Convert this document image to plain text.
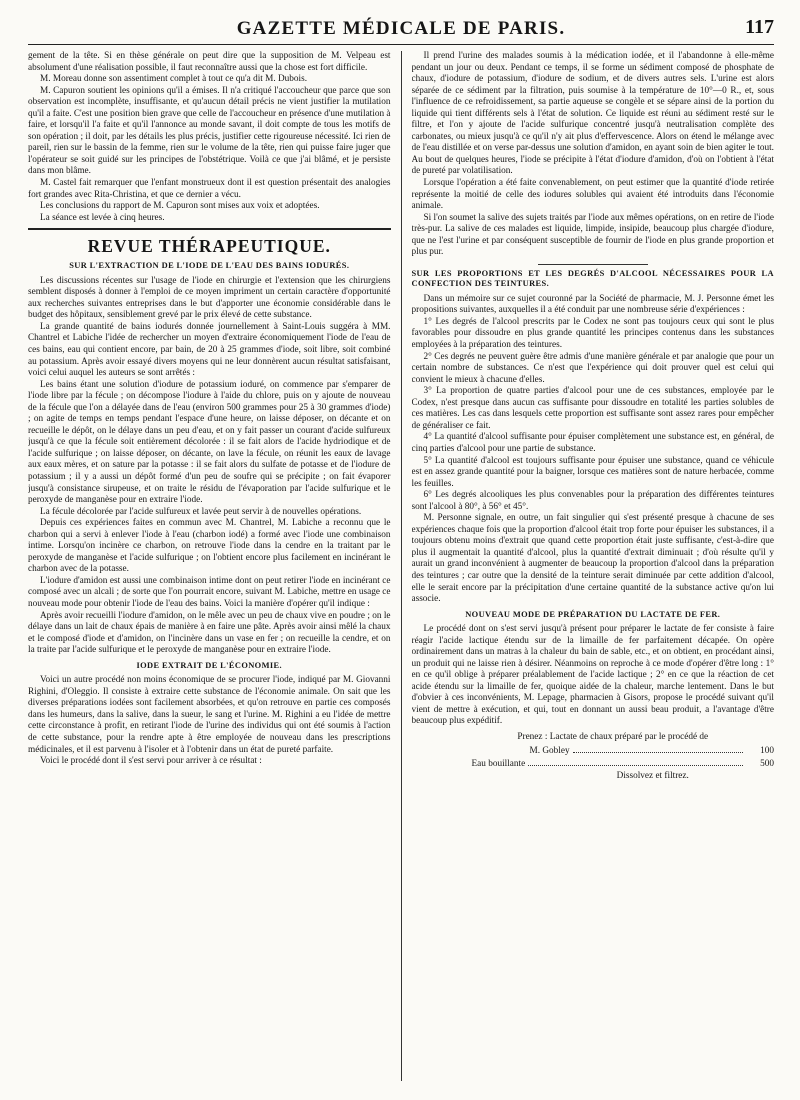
GAZETTE MÉDICALE DE PARIS.	117

gement de la tête. Si en thèse générale on peut dire que la supposition de M. Velpeau est absolument d'une réalisation possible, il faut reconnaître aussi que la chose est fort difficile.

M. Moreau donne son assentiment complet à tout ce qu'a dit M. Dubois.

M. Capuron soutient les opinions qu'il a émises. Il n'a critiqué l'accoucheur que parce que son observation est incomplète, insuffisante, et qu'aucun détail précis ne vient justifier la mutilation qu'il a faite. C'est une position bien grave que celle de l'accoucheur en présence d'une mutilation à faire, et lorsqu'il l'a faite et qu'il l'annonce au monde savant, il doit compte de tous les motifs de son opération ; il doit, par les détails les plus précis, justifier cette rigoureuse nécessité. Ici rien de pareil, rien sur le bassin de la femme, rien sur le volume de la tête, rien qui puisse faire juger que l'opérateur se soit guidé sur les principes de l'obstétrique. Voilà ce que j'ai blâmé, et je persiste dans mon blâme.

M. Castel fait remarquer que l'enfant monstrueux dont il est question présentait des analogies fort grandes avec Rita-Christina, et que ce dernier a vécu.

Les conclusions du rapport de M. Capuron sont mises aux voix et adoptées.

La séance est levée à cinq heures.

REVUE THÉRAPEUTIQUE.
SUR L'EXTRACTION DE L'IODE DE L'EAU DES BAINS IODURÉS.

Les discussions récentes sur l'usage de l'iode en chirurgie et l'extension que les chirurgiens semblent disposés à donner à l'emploi de ce moyen impriment un certain caractère d'opportunité aux recherches suivantes entreprises dans le but d'apporter une économie considérable dans le budget des hôpitaux, sensiblement grevé par le prix élevé de cette substance.

La grande quantité de bains iodurés donnée journellement à Saint-Louis suggéra à MM. Chantrel et Labiche l'idée de rechercher un moyen d'extraire économiquement l'iode de l'eau de ces bains, eau qui contient encore, par bain, de 20 à 25 grammes d'iode, soit libre, soit combiné au potassium. Après avoir essayé divers moyens qui ne leur donnèrent aucun résultat satisfaisant, voici celui auquel les auteurs se sont arrêtés :

Les bains étant une solution d'iodure de potassium ioduré, on commence par s'emparer de l'iode libre par la fécule ; on décompose l'iodure à l'aide du chlore, puis on y ajoute de nouveau de la fécule que l'on a délayée dans de l'eau (environ 500 grammes pour 25 à 30 grammes d'iode) ; on agite de temps en temps pendant l'espace d'une heure, on laisse déposer, on décante et on recueille le dépôt, on le délaye dans un peu d'eau, et on y fait passer un courant d'acide sulfureux jusqu'à ce que la fécule soit entièrement décolorée : il se fait alors de l'acide hydriodique et de l'acide sulfurique ; on laisse déposer, on décante, on lave la fécule, on réunit les eaux de lavage aux eaux mères, et on sature par la potasse : il se fait alors du sulfate de potasse et de l'iodure de potassium ; il y a aussi un dépôt formé d'un peu de soufre qui se précipite ; on fait évaporer jusqu'à consistance sirupeuse, et on traite le résidu de l'évaporation par l'acide sulfurique et le peroxyde de manganèse pour en extraire l'iode.

La fécule décolorée par l'acide sulfureux et lavée peut servir à de nouvelles opérations.

Depuis ces expériences faites en commun avec M. Chantrel, M. Labiche a reconnu que le charbon qui a servi à enlever l'iode à l'eau (charbon iodé) a formé avec l'iode une combinaison intime. Lorsqu'on incinère ce charbon, on retrouve l'iode dans la cendre en la traitant par le peroxyde de manganèse et l'acide sulfurique ; on l'obtient encore plus facilement en incinérant le charbon avec de la potasse.

L'iodure d'amidon est aussi une combinaison intime dont on peut retirer l'iode en incinérant ce composé avec un alcali ; de sorte que l'on pourrait encore, suivant M. Labiche, mettre en usage ce nouveau mode pour obtenir l'iode de l'eau des bains. Voici la manière d'opérer qu'il indique :

Après avoir recueilli l'iodure d'amidon, on le mêle avec un peu de chaux vive en poudre ; on le délaye dans un lait de chaux épais de manière à en faire une pâte. Après avoir ainsi mêlé la chaux et le composé d'iode et d'amidon, on l'incinère dans un vase en fer ; on recueille la cendre, et on la traite par l'acide sulfurique et le peroxyde de manganèse pour en extraire l'iode.

IODE EXTRAIT DE L'ÉCONOMIE.

Voici un autre procédé non moins économique de se procurer l'iode, indiqué par M. Giovanni Righini, d'Oleggio. Il consiste à extraire cette substance de l'économie animale. On sait que les diverses préparations iodées sont facilement absorbées, et qu'on retrouve en partie ces composés dans les humeurs, dans la salive, dans la sueur, le sang et l'urine. M. Righini a eu l'idée de mettre cette circonstance à profit, en retirant l'iode de l'urine des individus qui ont été soumis à l'action de cette substance, pour la rendre apte à être employée de nouveau dans les prescriptions médicinales, et il est parvenu à l'isoler et à l'obtenir dans un état de pureté parfaite.

Voici le procédé dont il s'est servi pour arriver à ce résultat :

Il prend l'urine des malades soumis à la médication iodée, et il l'abandonne à elle-même pendant un jour ou deux. Pendant ce temps, il se forme un sédiment composé de phosphate de chaux, d'iodure de potassium, d'iodure de sodium, et de divers autres sels. L'urine est alors séparée de ce sédiment par la filtration, puis soumise à la température de 10°—0 R., et, sous l'influence de ce refroidissement, sa partie aqueuse se congèle et se sépare ainsi de la portion du liquide qui tient différents sels à l'état de solution. Ce liquide est réuni au sédiment resté sur le filtre, et l'on y ajoute de l'acide sulfurique concentré jusqu'à neutralisation complète des carbonates, ou mieux jusqu'à ce qu'il n'y ait plus d'effervescence. Alors on étend le mélange avec de l'eau distillée et on verse par-dessus une solution d'amidon, en ayant soin de bien agiter le tout. Au bout de quelques heures, l'iode se précipite à l'état d'iodure d'amidon, d'où on l'obtient à l'état de pureté par volatilisation.

Lorsque l'opération a été faite convenablement, on peut estimer que la quantité d'iode retirée représente la moitié de celle des iodures solubles qui avaient été introduits dans l'économie animale.

Si l'on soumet la salive des sujets traités par l'iode aux mêmes opérations, on en retire de l'iode très-pur. La salive de ces malades est liquide, limpide, insipide, beaucoup plus chargée d'iodure, que ne l'est l'urine et par conséquent susceptible de fournir de l'iode en plus grande proportion et plus pur.

SUR LES PROPORTIONS ET LES DEGRÉS D'ALCOOL NÉCESSAIRES POUR LA CONFECTION DES TEINTURES.

Dans un mémoire sur ce sujet couronné par la Société de pharmacie, M. J. Personne émet les propositions suivantes, auxquelles il a été conduit par une nombreuse série d'expériences :

1° Les degrés de l'alcool prescrits par le Codex ne sont pas toujours ceux qui sont le plus favorables pour dissoudre en plus grande quantité les principes contenus dans les substances employées à la préparation des teintures.

2° Ces degrés ne peuvent guère être admis d'une manière générale et par analogie que pour un certain nombre de substances. Ce n'est que l'expérience qui doit prouver quel est celui qui convient le mieux à chacune d'elles.

3° La proportion de quatre parties d'alcool pour une de ces substances, employée par le Codex, n'est presque dans aucun cas suffisante pour dissoudre en totalité les parties solubles de ces matières. Les cas dans lesquels cette proportion est suffisante sont assez rares pour empêcher de généraliser ce fait.

4° La quantité d'alcool suffisante pour épuiser complètement une substance est, en général, de cinq parties d'alcool pour une partie de substance.

5° La quantité d'alcool est toujours suffisante pour épuiser une substance, quand ce véhicule est en assez grande quantité pour la baigner, lorsque ces matières sont de nature herbacée, comme les feuilles.

6° Les degrés alcooliques les plus convenables pour la préparation des différentes teintures sont l'alcool à 80°, à 56° et 45°.

M. Personne signale, en outre, un fait singulier qui s'est présenté presque à chacune de ses expériences chaque fois que la proportion d'alcool était trop forte pour épuiser les substances, il a toujours obtenu moins d'extrait que quand cette proportion était juste suffisante, c'est-à-dire que plus il augmentait la quantité d'alcool, plus la quantité d'extrait diminuait ; d'où résulte qu'il y aurait un grand inconvénient à augmenter de beaucoup la proportion d'alcool dans la préparation des teintures ; car outre que la densité de la teinture serait diminuée par cette addition d'alcool, elle le serait encore par la précipitation d'une certaine quantité de la substance active qu'on lui associe.

NOUVEAU MODE DE PRÉPARATION DU LACTATE DE FER.

Le procédé dont on s'est servi jusqu'à présent pour préparer le lactate de fer consiste à faire réagir l'acide lactique étendu sur de la limaille de fer parfaitement décapée. On opère ordinairement dans un matras à la chaleur du bain de sable, etc., et on obtient, en procédant ainsi, un produit qui ne laisse rien à désirer. Néanmoins on reproche à ce mode d'opérer d'être long : 1° en ce qu'il oblige à préparer préalablement de l'acide lactique ; 2° en ce que la réaction de cet acide étendu sur la limaille de fer, quoique aidée de la chaleur, marche lentement. Dans le but d'obvier à ces inconvénients, M. Lepage, pharmacien à Gisors, propose le procédé suivant qu'il vient de mettre à exécution, et qui, tout en donnant un aussi beau produit, a l'avantage d'être beaucoup plus expéditif.

Prenez : Lactate de chaux préparé par le procédé de
M. Gobley	100
Eau bouillante	500
Dissolvez et filtrez.
